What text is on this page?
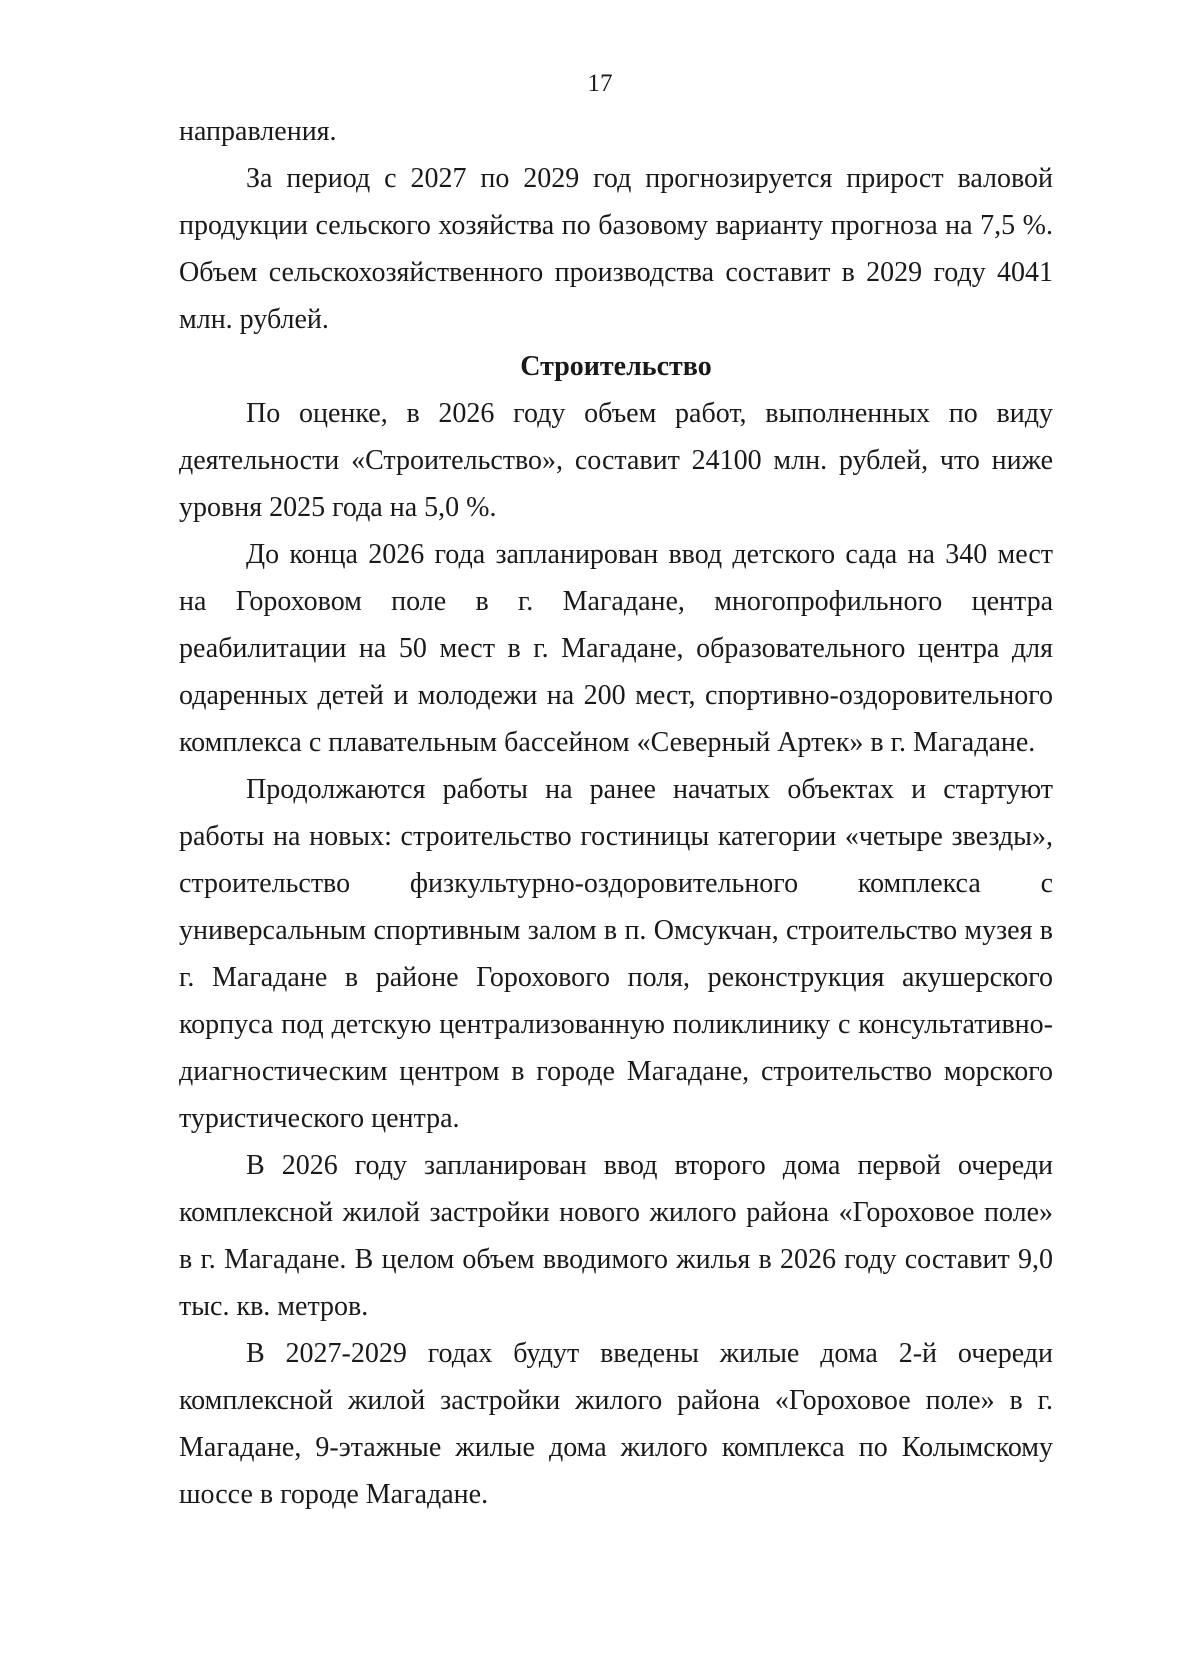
17

направления.

За период с 2027 по 2029 год прогнозируется прирост валовой продукции сельского хозяйства по базовому варианту прогноза на 7,5 %. Объем сельскохозяйственного производства составит в 2029 году 4041 млн. рублей.

Строительство

По оценке, в 2026 году объем работ, выполненных по виду деятельности «Строительство», составит 24100 млн. рублей, что ниже уровня 2025 года на 5,0 %.

До конца 2026 года запланирован ввод детского сада на 340 мест на Гороховом поле в г. Магадане, многопрофильного центра реабилитации на 50 мест в г. Магадане, образовательного центра для одаренных детей и молодежи на 200 мест, спортивно-оздоровительного комплекса с плавательным бассейном «Северный Артек» в г. Магадане.

Продолжаются работы на ранее начатых объектах и стартуют работы на новых: строительство гостиницы категории «четыре звезды», строительство физкультурно-оздоровительного комплекса с универсальным спортивным залом в п. Омсукчан, строительство музея в г. Магадане в районе Горохового поля, реконструкция акушерского корпуса под детскую централизованную поликлинику с консультативно-диагностическим центром в городе Магадане, строительство морского туристического центра.

В 2026 году запланирован ввод второго дома первой очереди комплексной жилой застройки нового жилого района «Гороховое поле» в г. Магадане. В целом объем вводимого жилья в 2026 году составит 9,0 тыс. кв. метров.

В 2027-2029 годах будут введены жилые дома 2-й очереди комплексной жилой застройки жилого района «Гороховое поле» в г. Магадане, 9-этажные жилые дома жилого комплекса по Колымскому шоссе в городе Магадане.
